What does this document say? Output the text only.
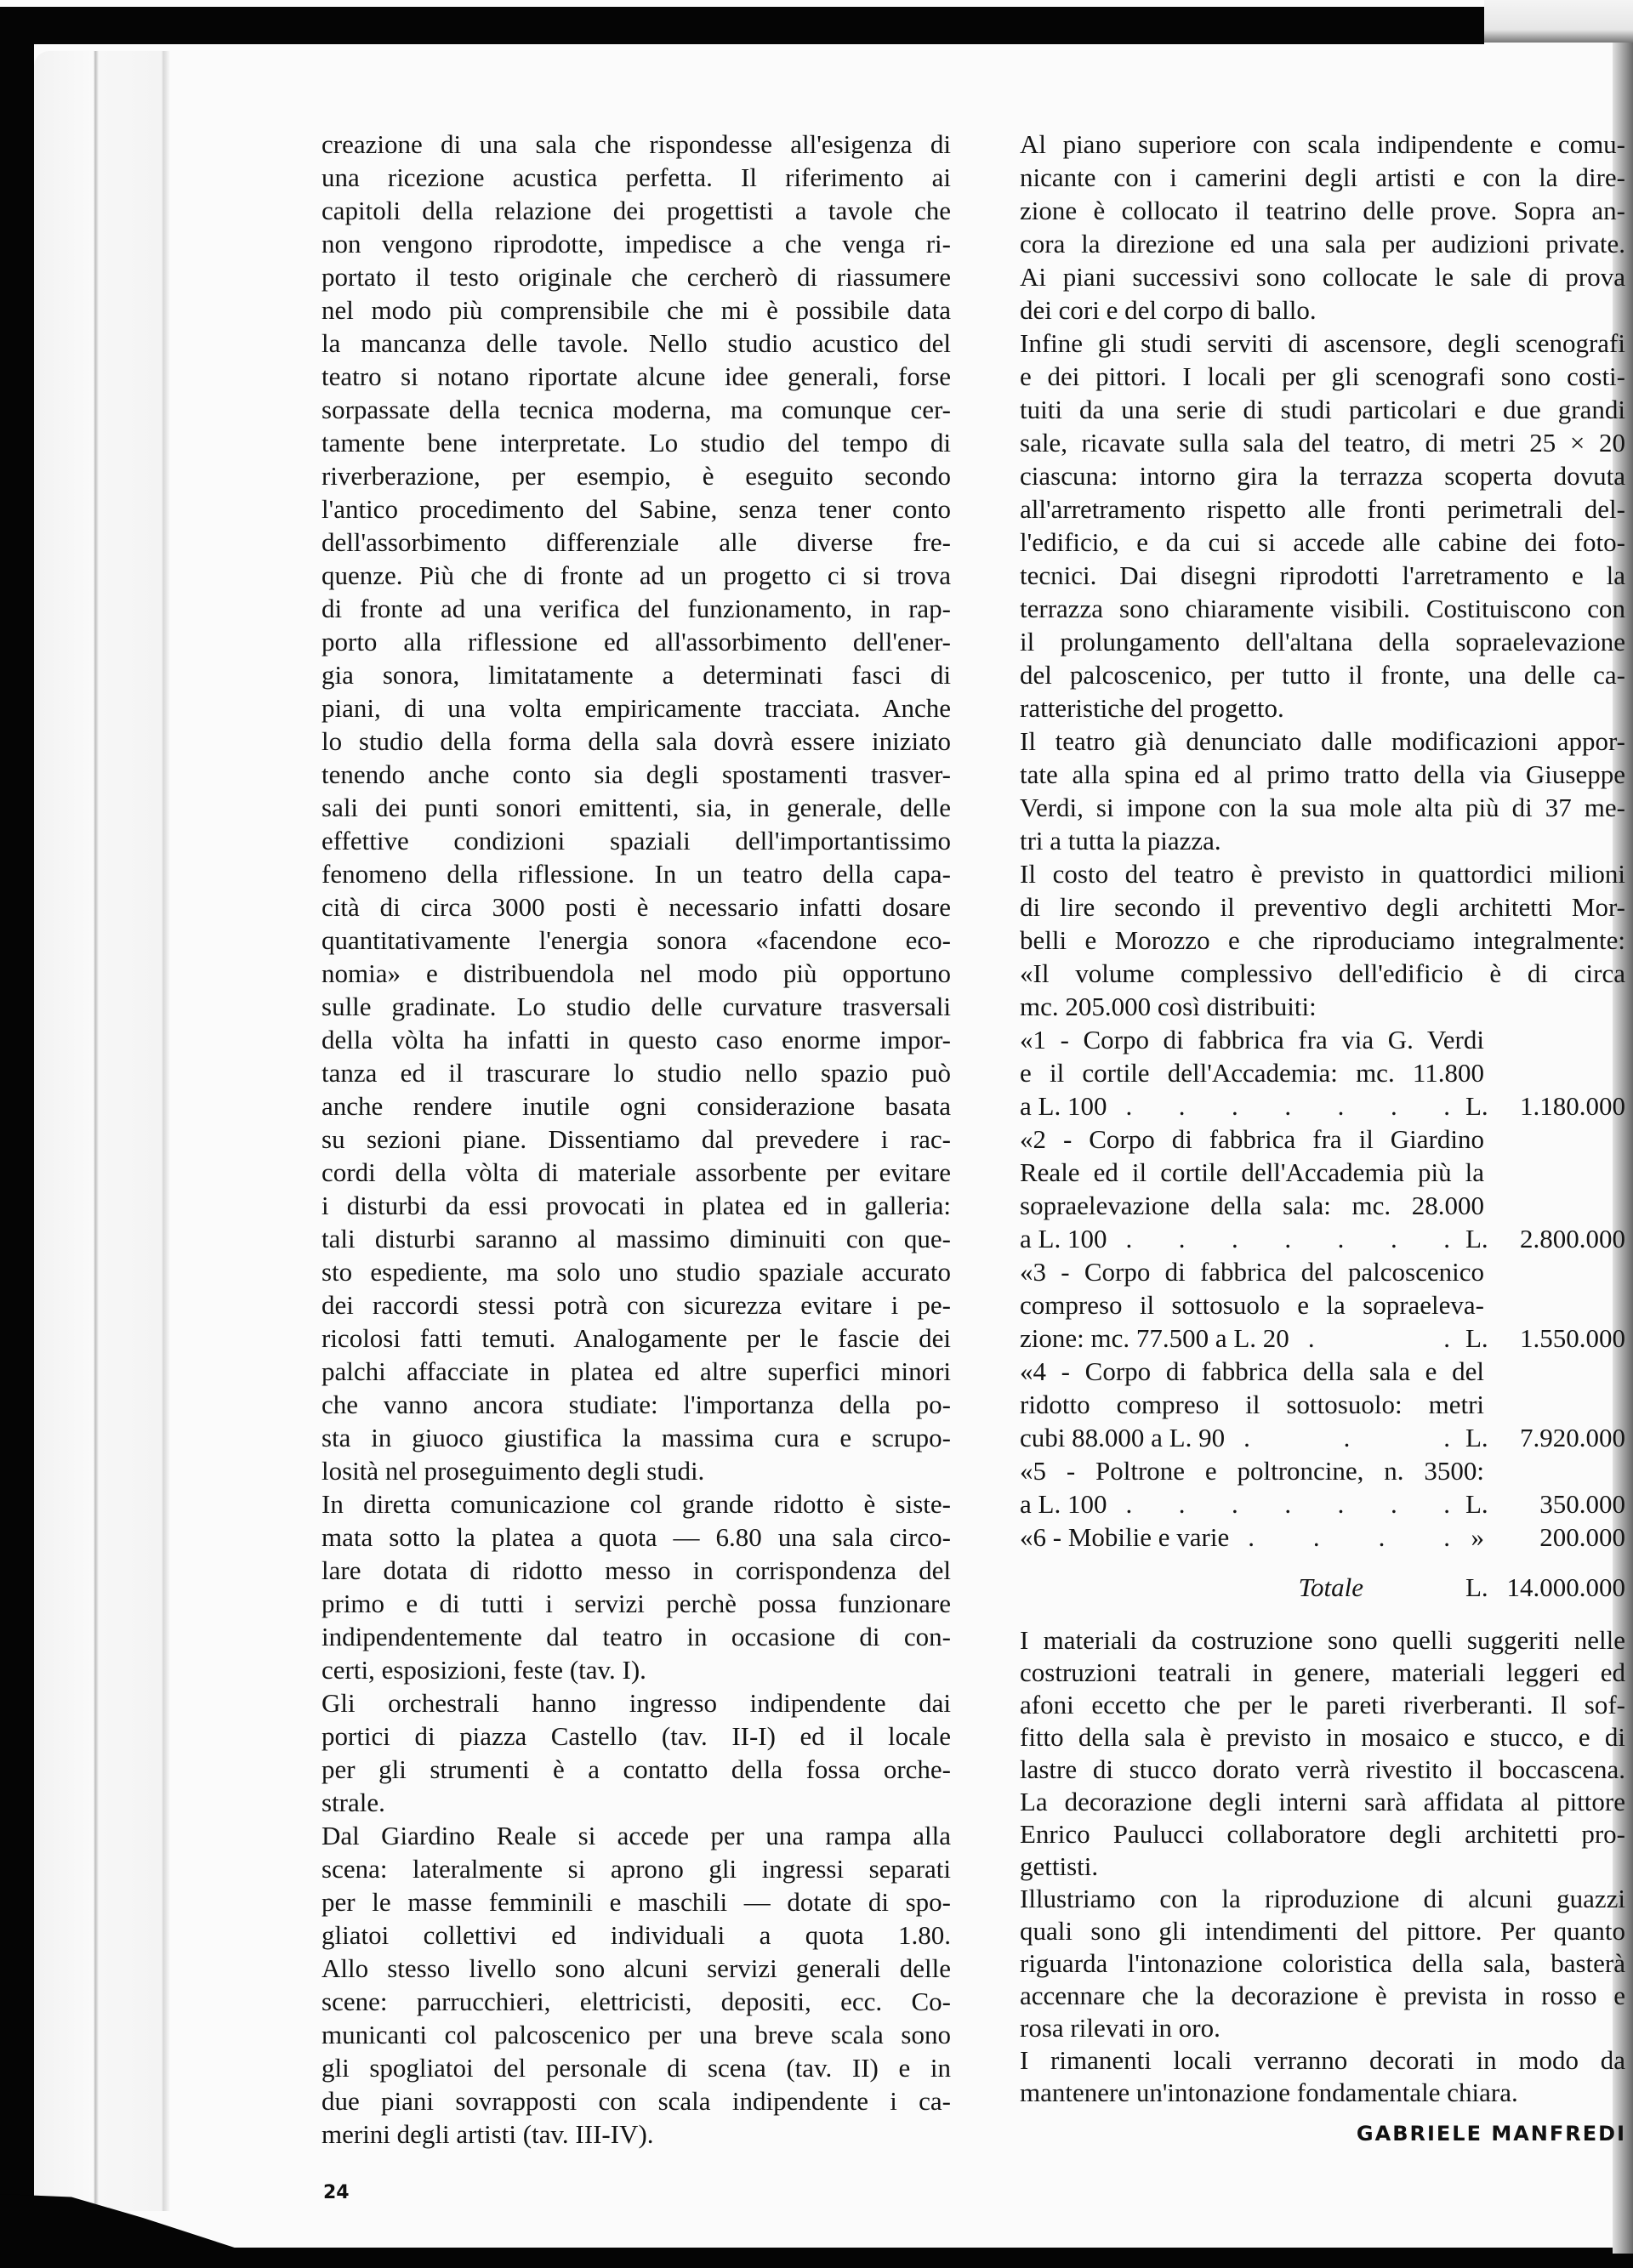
creazione di una sala che rispondesse all'esigenza di
una ricezione acustica perfetta. Il riferimento ai
capitoli della relazione dei progettisti a tavole che
non vengono riprodotte, impedisce a che venga ri-
portato il testo originale che cercherò di riassumere
nel modo più comprensibile che mi è possibile data
la mancanza delle tavole. Nello studio acustico del
teatro si notano riportate alcune idee generali, forse
sorpassate della tecnica moderna, ma comunque cer-
tamente bene interpretate. Lo studio del tempo di
riverberazione, per esempio, è eseguito secondo
l'antico procedimento del Sabine, senza tener conto
dell'assorbimento differenziale alle diverse fre-
quenze. Più che di fronte ad un progetto ci si trova
di fronte ad una verifica del funzionamento, in rap-
porto alla riflessione ed all'assorbimento dell'ener-
gia sonora, limitatamente a determinati fasci di
piani, di una volta empiricamente tracciata. Anche
lo studio della forma della sala dovrà essere iniziato
tenendo anche conto sia degli spostamenti trasver-
sali dei punti sonori emittenti, sia, in generale, delle
effettive condizioni spaziali dell'importantissimo
fenomeno della riflessione. In un teatro della capa-
cità di circa 3000 posti è necessario infatti dosare
quantitativamente l'energia sonora «facendone eco-
nomia» e distribuendola nel modo più opportuno
sulle gradinate. Lo studio delle curvature trasversali
della vòlta ha infatti in questo caso enorme impor-
tanza ed il trascurare lo studio nello spazio può
anche rendere inutile ogni considerazione basata
su sezioni piane. Dissentiamo dal prevedere i rac-
cordi della vòlta di materiale assorbente per evitare
i disturbi da essi provocati in platea ed in galleria:
tali disturbi saranno al massimo diminuiti con que-
sto espediente, ma solo uno studio spaziale accurato
dei raccordi stessi potrà con sicurezza evitare i pe-
ricolosi fatti temuti. Analogamente per le fascie dei
palchi affacciate in platea ed altre superfici minori
che vanno ancora studiate: l'importanza della po-
sta in giuoco giustifica la massima cura e scrupo-
losità nel proseguimento degli studi.
In diretta comunicazione col grande ridotto è siste-
mata sotto la platea a quota — 6.80 una sala circo-
lare dotata di ridotto messo in corrispondenza del
primo e di tutti i servizi perchè possa funzionare
indipendentemente dal teatro in occasione di con-
certi, esposizioni, feste (tav. I).
Gli orchestrali hanno ingresso indipendente dai
portici di piazza Castello (tav. II-I) ed il locale
per gli strumenti è a contatto della fossa orche-
strale.
Dal Giardino Reale si accede per una rampa alla
scena: lateralmente si aprono gli ingressi separati
per le masse femminili e maschili — dotate di spo-
gliatoi collettivi ed individuali a quota 1.80.
Allo stesso livello sono alcuni servizi generali delle
scene: parrucchieri, elettricisti, depositi, ecc. Co-
municanti col palcoscenico per una breve scala sono
gli spogliatoi del personale di scena (tav. II) e in
due piani sovrapposti con scala indipendente i ca-
merini degli artisti (tav. III-IV).
Al piano superiore con scala indipendente e comu-
nicante con i camerini degli artisti e con la dire-
zione è collocato il teatrino delle prove. Sopra an-
cora la direzione ed una sala per audizioni private.
Ai piani successivi sono collocate le sale di prova
dei cori e del corpo di ballo.
Infine gli studi serviti di ascensore, degli scenografi
e dei pittori. I locali per gli scenografi sono costi-
tuiti da una serie di studi particolari e due grandi
sale, ricavate sulla sala del teatro, di metri 25 × 20
ciascuna: intorno gira la terrazza scoperta dovuta
all'arretramento rispetto alle fronti perimetrali del-
l'edificio, e da cui si accede alle cabine dei foto-
tecnici. Dai disegni riprodotti l'arretramento e la
terrazza sono chiaramente visibili. Costituiscono con
il prolungamento dell'altana della sopraelevazione
del palcoscenico, per tutto il fronte, una delle ca-
ratteristiche del progetto.
Il teatro già denunciato dalle modificazioni appor-
tate alla spina ed al primo tratto della via Giuseppe
Verdi, si impone con la sua mole alta più di 37 me-
tri a tutta la piazza.
Il costo del teatro è previsto in quattordici milioni
di lire secondo il preventivo degli architetti Mor-
belli e Morozzo e che riproduciamo integralmente:
«Il volume complessivo dell'edificio è di circa
mc. 205.000 così distribuiti:
«1 - Corpo di fabbrica fra via G. Verdi
e il cortile dell'Accademia: mc. 11.800
a L. 100 . . . . . . . L.	1.180.000
«2 - Corpo di fabbrica fra il Giardino
Reale ed il cortile dell'Accademia più la
sopraelevazione della sala: mc. 28.000
a L. 100 . . . . . . . L.	2.800.000
«3 - Corpo di fabbrica del palcoscenico
compreso il sottosuolo e la sopraeleva-
zione: mc. 77.500 a L. 20 . . L.	1.550.000
«4 - Corpo di fabbrica della sala e del
ridotto compreso il sottosuolo: metri
cubi 88.000 a L. 90 . . . L.	7.920.000
«5 - Poltrone e poltroncine, n. 3500:
a L. 100 . . . . . . . L.	350.000
«6 - Mobilie e varie . . . . »	200.000
Totale	L. 14.000.000
I materiali da costruzione sono quelli suggeriti nelle
costruzioni teatrali in genere, materiali leggeri ed
afoni eccetto che per le pareti riverberanti. Il sof-
fitto della sala è previsto in mosaico e stucco, e di
lastre di stucco dorato verrà rivestito il boccascena.
La decorazione degli interni sarà affidata al pittore
Enrico Paulucci collaboratore degli architetti pro-
gettisti.
Illustriamo con la riproduzione di alcuni guazzi
quali sono gli intendimenti del pittore. Per quanto
riguarda l'intonazione coloristica della sala, basterà
accennare che la decorazione è prevista in rosso e
rosa rilevati in oro.
I rimanenti locali verranno decorati in modo da
mantenere un'intonazione fondamentale chiara.
GABRIELE MANFREDI
24
